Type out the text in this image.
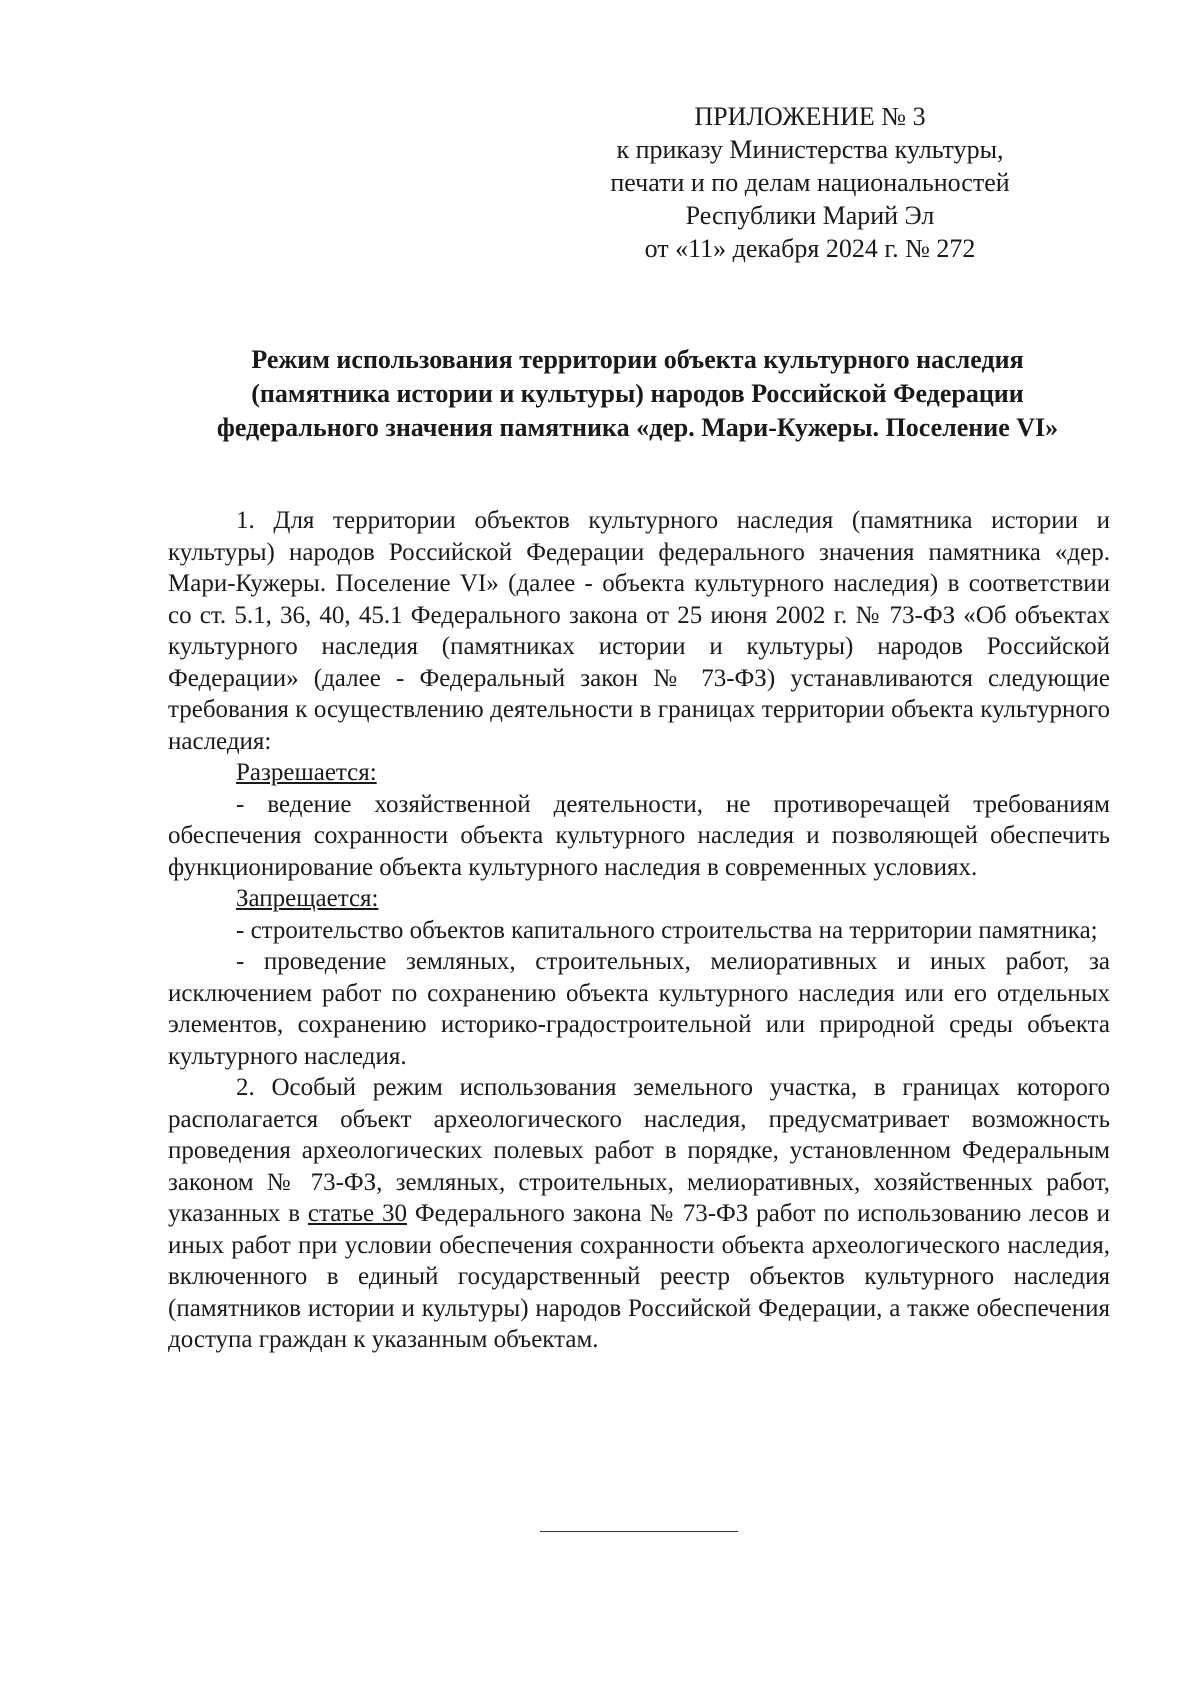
ПРИЛОЖЕНИЕ № 3
к приказу Министерства культуры,
печати и по делам национальностей
Республики Марий Эл
от «11» декабря 2024 г. № 272
Режим использования территории объекта культурного наследия
(памятника истории и культуры) народов Российской Федерации
федерального значения памятника «дер. Мари-Кужеры. Поселение VI»

1. Для территории объектов культурного наследия (памятника истории и культуры) народов Российской Федерации федерального значения памятника «дер. Мари-Кужеры. Поселение VI» (далее - объекта культурного наследия) в соответствии со ст. 5.1, 36, 40, 45.1 Федерального закона от 25 июня 2002 г. № 73-ФЗ «Об объектах культурного наследия (памятниках истории и культуры) народов Российской Федерации» (далее - Федеральный закон № 73-ФЗ) устанавливаются следующие требования к осуществлению деятельности в границах территории объекта культурного наследия:

Разрешается:

- ведение хозяйственной деятельности, не противоречащей требованиям обеспечения сохранности объекта культурного наследия и позволяющей обеспечить функционирование объекта культурного наследия в современных условиях.

Запрещается:

- строительство объектов капитального строительства на территории памятника;

- проведение земляных, строительных, мелиоративных и иных работ, за исключением работ по сохранению объекта культурного наследия или его отдельных элементов, сохранению историко-градостроительной или природной среды объекта культурного наследия.

2. Особый режим использования земельного участка, в границах которого располагается объект археологического наследия, предусматривает возможность проведения археологических полевых работ в порядке, установленном Федеральным законом № 73-ФЗ, земляных, строительных, мелиоративных, хозяйственных работ, указанных в статье 30 Федерального закона № 73-ФЗ работ по использованию лесов и иных работ при условии обеспечения сохранности объекта археологического наследия, включенного в единый государственный реестр объектов культурного наследия (памятников истории и культуры) народов Российской Федерации, а также обеспечения доступа граждан к указанным объектам.
